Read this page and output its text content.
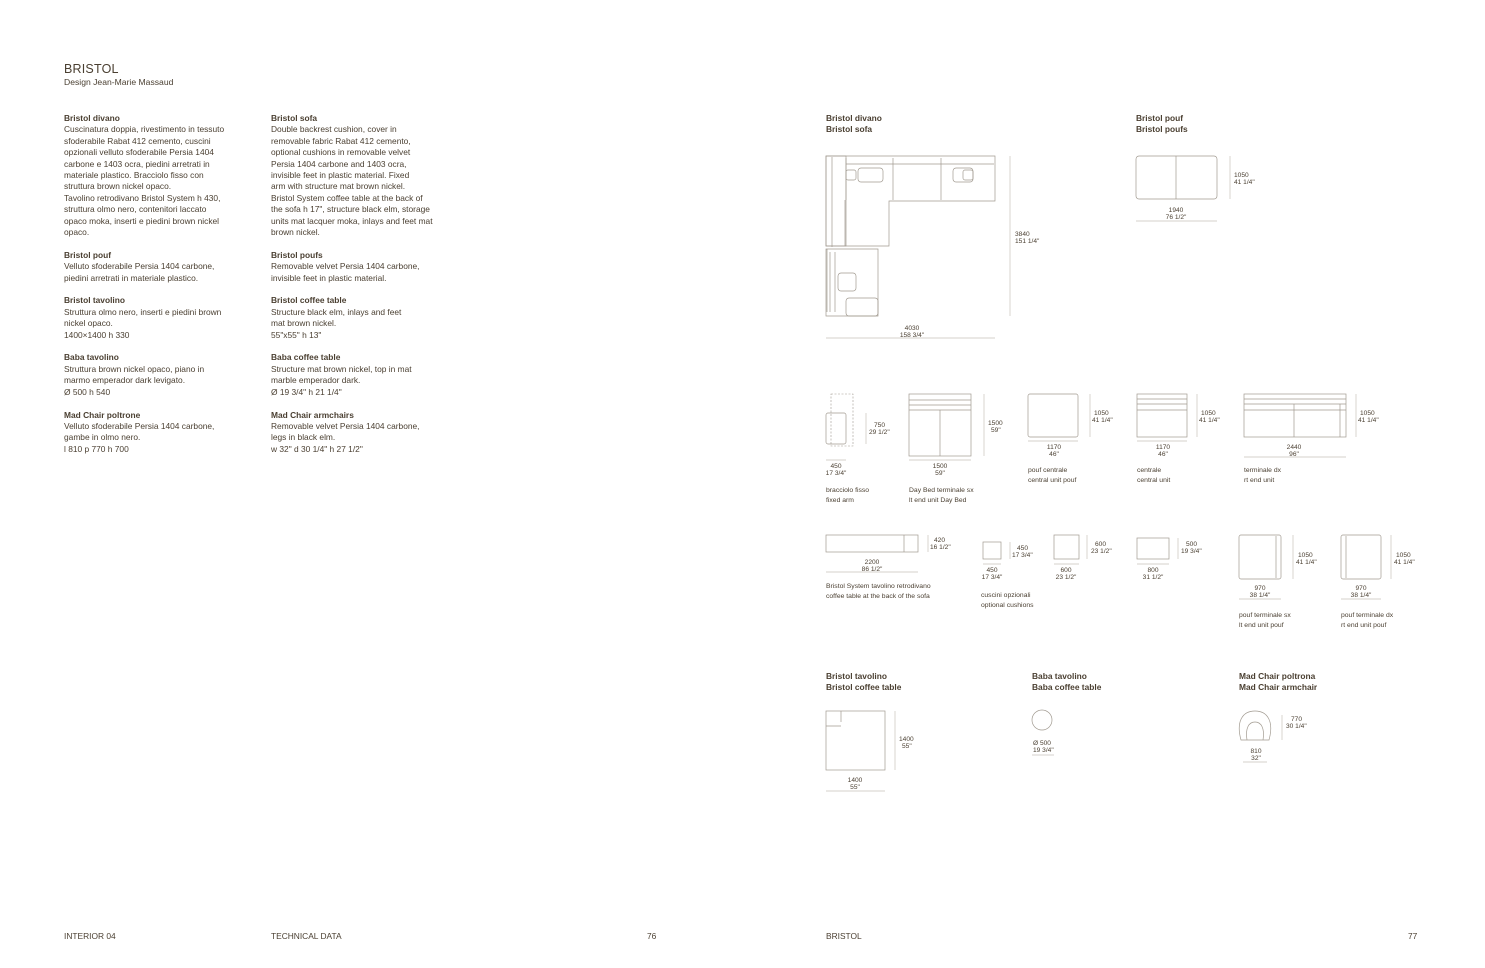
BRISTOL
Design Jean-Marie Massaud
Bristol divano
Cuscinatura doppia, rivestimento in tessuto
sfoderabile Rabat 412 cemento, cuscini
opzionali velluto sfoderabile Persia 1404
carbone e 1403 ocra, piedini arretrati in
materiale plastico. Bracciolo fisso con
struttura brown nickel opaco.
Tavolino retrodivano Bristol System h 430,
struttura olmo nero, contenitori laccato
opaco moka, inserti e piedini brown nickel
opaco.
Bristol pouf
Velluto sfoderabile Persia 1404 carbone,
piedini arretrati in materiale plastico.
Bristol tavolino
Struttura olmo nero, inserti e piedini brown
nickel opaco.
1400×1400 h 330
Baba tavolino
Struttura brown nickel opaco, piano in
marmo emperador dark levigato.
Ø 500 h 540
Mad Chair poltrone
Velluto sfoderabile Persia 1404 carbone,
gambe in olmo nero.
l 810 p 770 h 700
Bristol sofa
Double backrest cushion, cover in
removable fabric Rabat 412 cemento,
optional cushions in removable velvet
Persia 1404 carbone and 1403 ocra,
invisible feet in plastic material. Fixed
arm with structure mat brown nickel.
Bristol System coffee table at the back of
the sofa h 17", structure black elm, storage
units mat lacquer moka, inlays and feet mat
brown nickel.
Bristol poufs
Removable velvet Persia 1404 carbone,
invisible feet in plastic material.
Bristol coffee table
Structure black elm, inlays and feet
mat brown nickel.
55"x55" h 13"
Baba coffee table
Structure mat brown nickel, top in mat
marble emperador dark.
Ø 19 3/4" h 21 1/4"
Mad Chair armchairs
Removable velvet Persia 1404 carbone,
legs in black elm.
w 32" d 30 1/4" h 27 1/2"
Bristol divano
Bristol sofa
Bristol pouf
Bristol poufs
Bristol tavolino
Bristol coffee table
Baba tavolino
Baba coffee table
Mad Chair poltrona
Mad Chair armchair
bracciolo fisso
fixed arm
Day Bed terminale sx
lt end unit Day Bed
pouf centrale
central unit pouf
centrale
central unit
terminale dx
rt end unit
Bristol System tavolino retrodivano
coffee table at the back of the sofa	cuscini opzionali
optional cushions
pouf terminale sx
lt end unit pouf
pouf terminale dx
rt end unit pouf
3840
151 1/4"
4030
158 3/4"
1050
41 1/4"
1940
76 1/2"
750
29 1/2"
450
17 3/4"
1500
59"
1500
59"
1050
41 1/4"
1170
46"
1050
41 1/4"
1170
46"
1050
41 1/4"
2440
96"
420
16 1/2"
2200
86 1/2"
450
17 3/4"
450
17 3/4"
600
23 1/2"
600
23 1/2"
500
19 3/4"
800
31 1/2"
1050
41 1/4"
970
38 1/4"
1050
41 1/4"
970
38 1/4"
1400
55"
1400
55"
Ø 500
19 3/4"
770
30 1/4"
810
32"
INTERIOR 04	TECHNICAL DATA	76	BRISTOL	77
